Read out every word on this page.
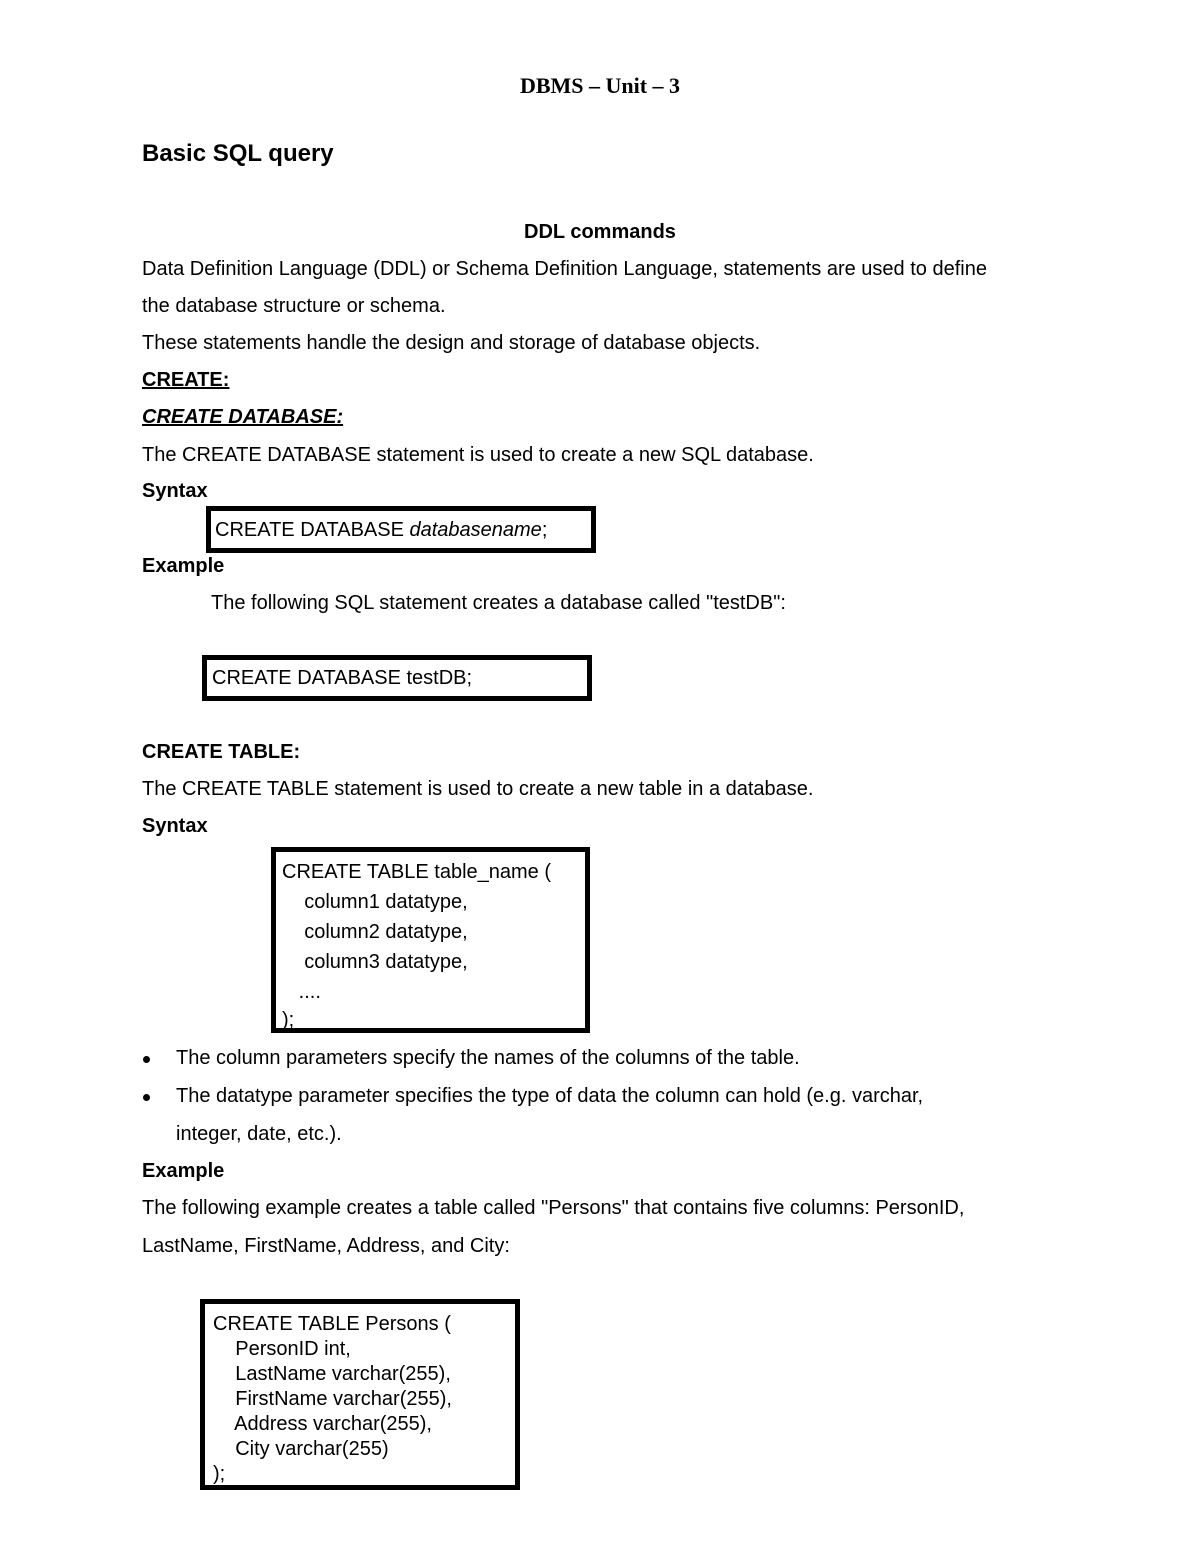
DBMS – Unit – 3
Basic SQL query
DDL commands
Data Definition Language (DDL) or Schema Definition Language, statements are used to define
the database structure or schema.
These statements handle the design and storage of database objects.
CREATE:
CREATE DATABASE:
The CREATE DATABASE statement is used to create a new SQL database.
Syntax
CREATE DATABASE databasename;
Example
The following SQL statement creates a database called "testDB":
CREATE DATABASE testDB;
CREATE TABLE:
The CREATE TABLE statement is used to create a new table in a database.
Syntax
CREATE TABLE table_name (
column1 datatype,
column2 datatype,
column3 datatype,
....
);
The column parameters specify the names of the columns of the table.
The datatype parameter specifies the type of data the column can hold (e.g. varchar,
integer, date, etc.).
Example
The following example creates a table called "Persons" that contains five columns: PersonID,
LastName, FirstName, Address, and City:
CREATE TABLE Persons (
PersonID int,
LastName varchar(255),
FirstName varchar(255),
Address varchar(255),
City varchar(255)
);
